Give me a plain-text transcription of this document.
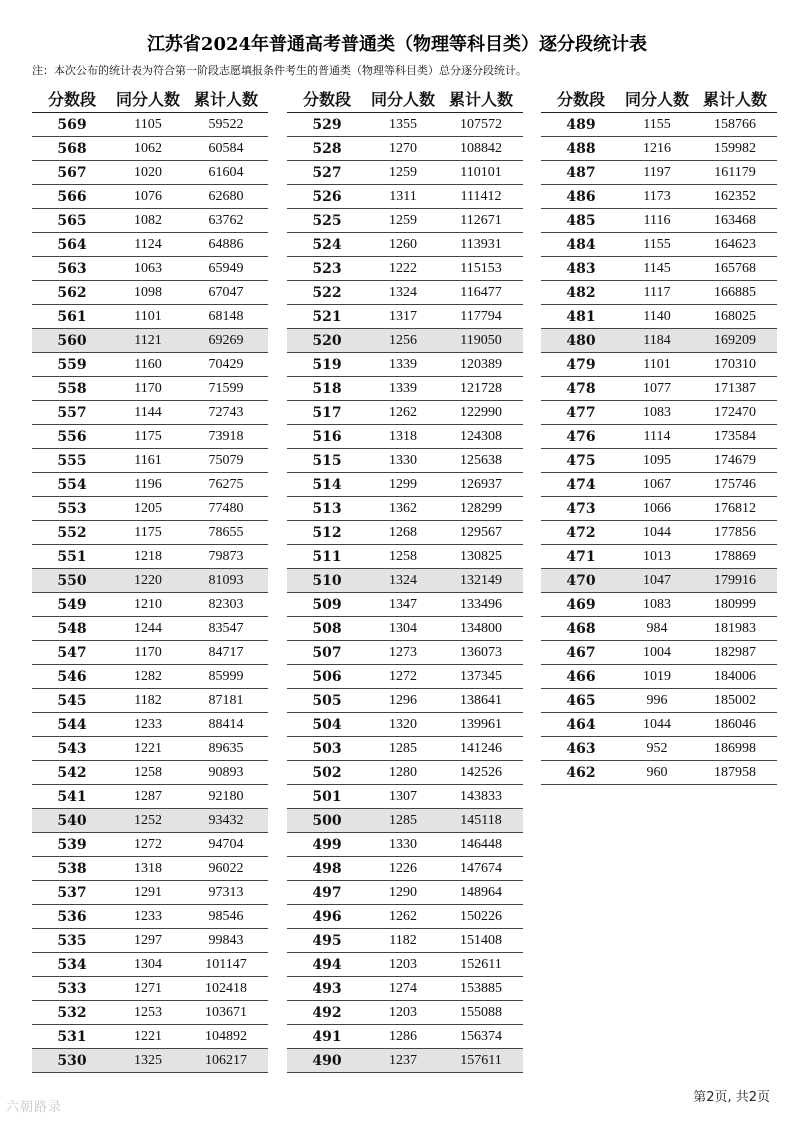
江苏省2024年普通高考普通类（物理等科目类）逐分段统计表
注：本次公布的统计表为符合第一阶段志愿填报条件考生的普通类（物理等科目类）总分逐分段统计。
分数段	同分人数 累计人数
569	1105	59522
568	1062	60584
567	1020	61604
566	1076	62680
565	1082	63762
564	1124	64886
563	1063	65949
562	1098	67047
561	1101	68148
560	1121	69269
559	1160	70429
558	1170	71599
557	1144	72743
556	1175	73918
555	1161	75079
554	1196	76275
553	1205	77480
552	1175	78655
551	1218	79873
550	1220	81093
549	1210	82303
548	1244	83547
547	1170	84717
546	1282	85999
545	1182	87181
544	1233	88414
543	1221	89635
542	1258	90893
541	1287	92180
540	1252	93432
539	1272	94704
538	1318	96022
537	1291	97313
536	1233	98546
535	1297	99843
534	1304	101147
533	1271	102418
532	1253	103671
531	1221	104892
530	1325	106217
分数段	同分人数 累计人数
529	1355	107572
528	1270	108842
527	1259	110101
526	1311	111412
525	1259	112671
524	1260	113931
523	1222	115153
522	1324	116477
521	1317	117794
520	1256	119050
519	1339	120389
518	1339	121728
517	1262	122990
516	1318	124308
515	1330	125638
514	1299	126937
513	1362	128299
512	1268	129567
511	1258	130825
510	1324	132149
509	1347	133496
508	1304	134800
507	1273	136073
506	1272	137345
505	1296	138641
504	1320	139961
503	1285	141246
502	1280	142526
501	1307	143833
500	1285	145118
499	1330	146448
498	1226	147674
497	1290	148964
496	1262	150226
495	1182	151408
494	1203	152611
493	1274	153885
492	1203	155088
491	1286	156374
490	1237	157611
分数段	同分人数 累计人数
489	1155	158766
488	1216	159982
487	1197	161179
486	1173	162352
485	1116	163468
484	1155	164623
483	1145	165768
482	1117	166885
481	1140	168025
480	1184	169209
479	1101	170310
478	1077	171387
477	1083	172470
476	1114	173584
475	1095	174679
474	1067	175746
473	1066	176812
472	1044	177856
471	1013	178869
470	1047	179916
469	1083	180999
468	984	181983
467	1004	182987
466	1019	184006
465	996	185002
464	1044	186046
463	952	186998
462	960	187958
第2页, 共2页
六朝路录
